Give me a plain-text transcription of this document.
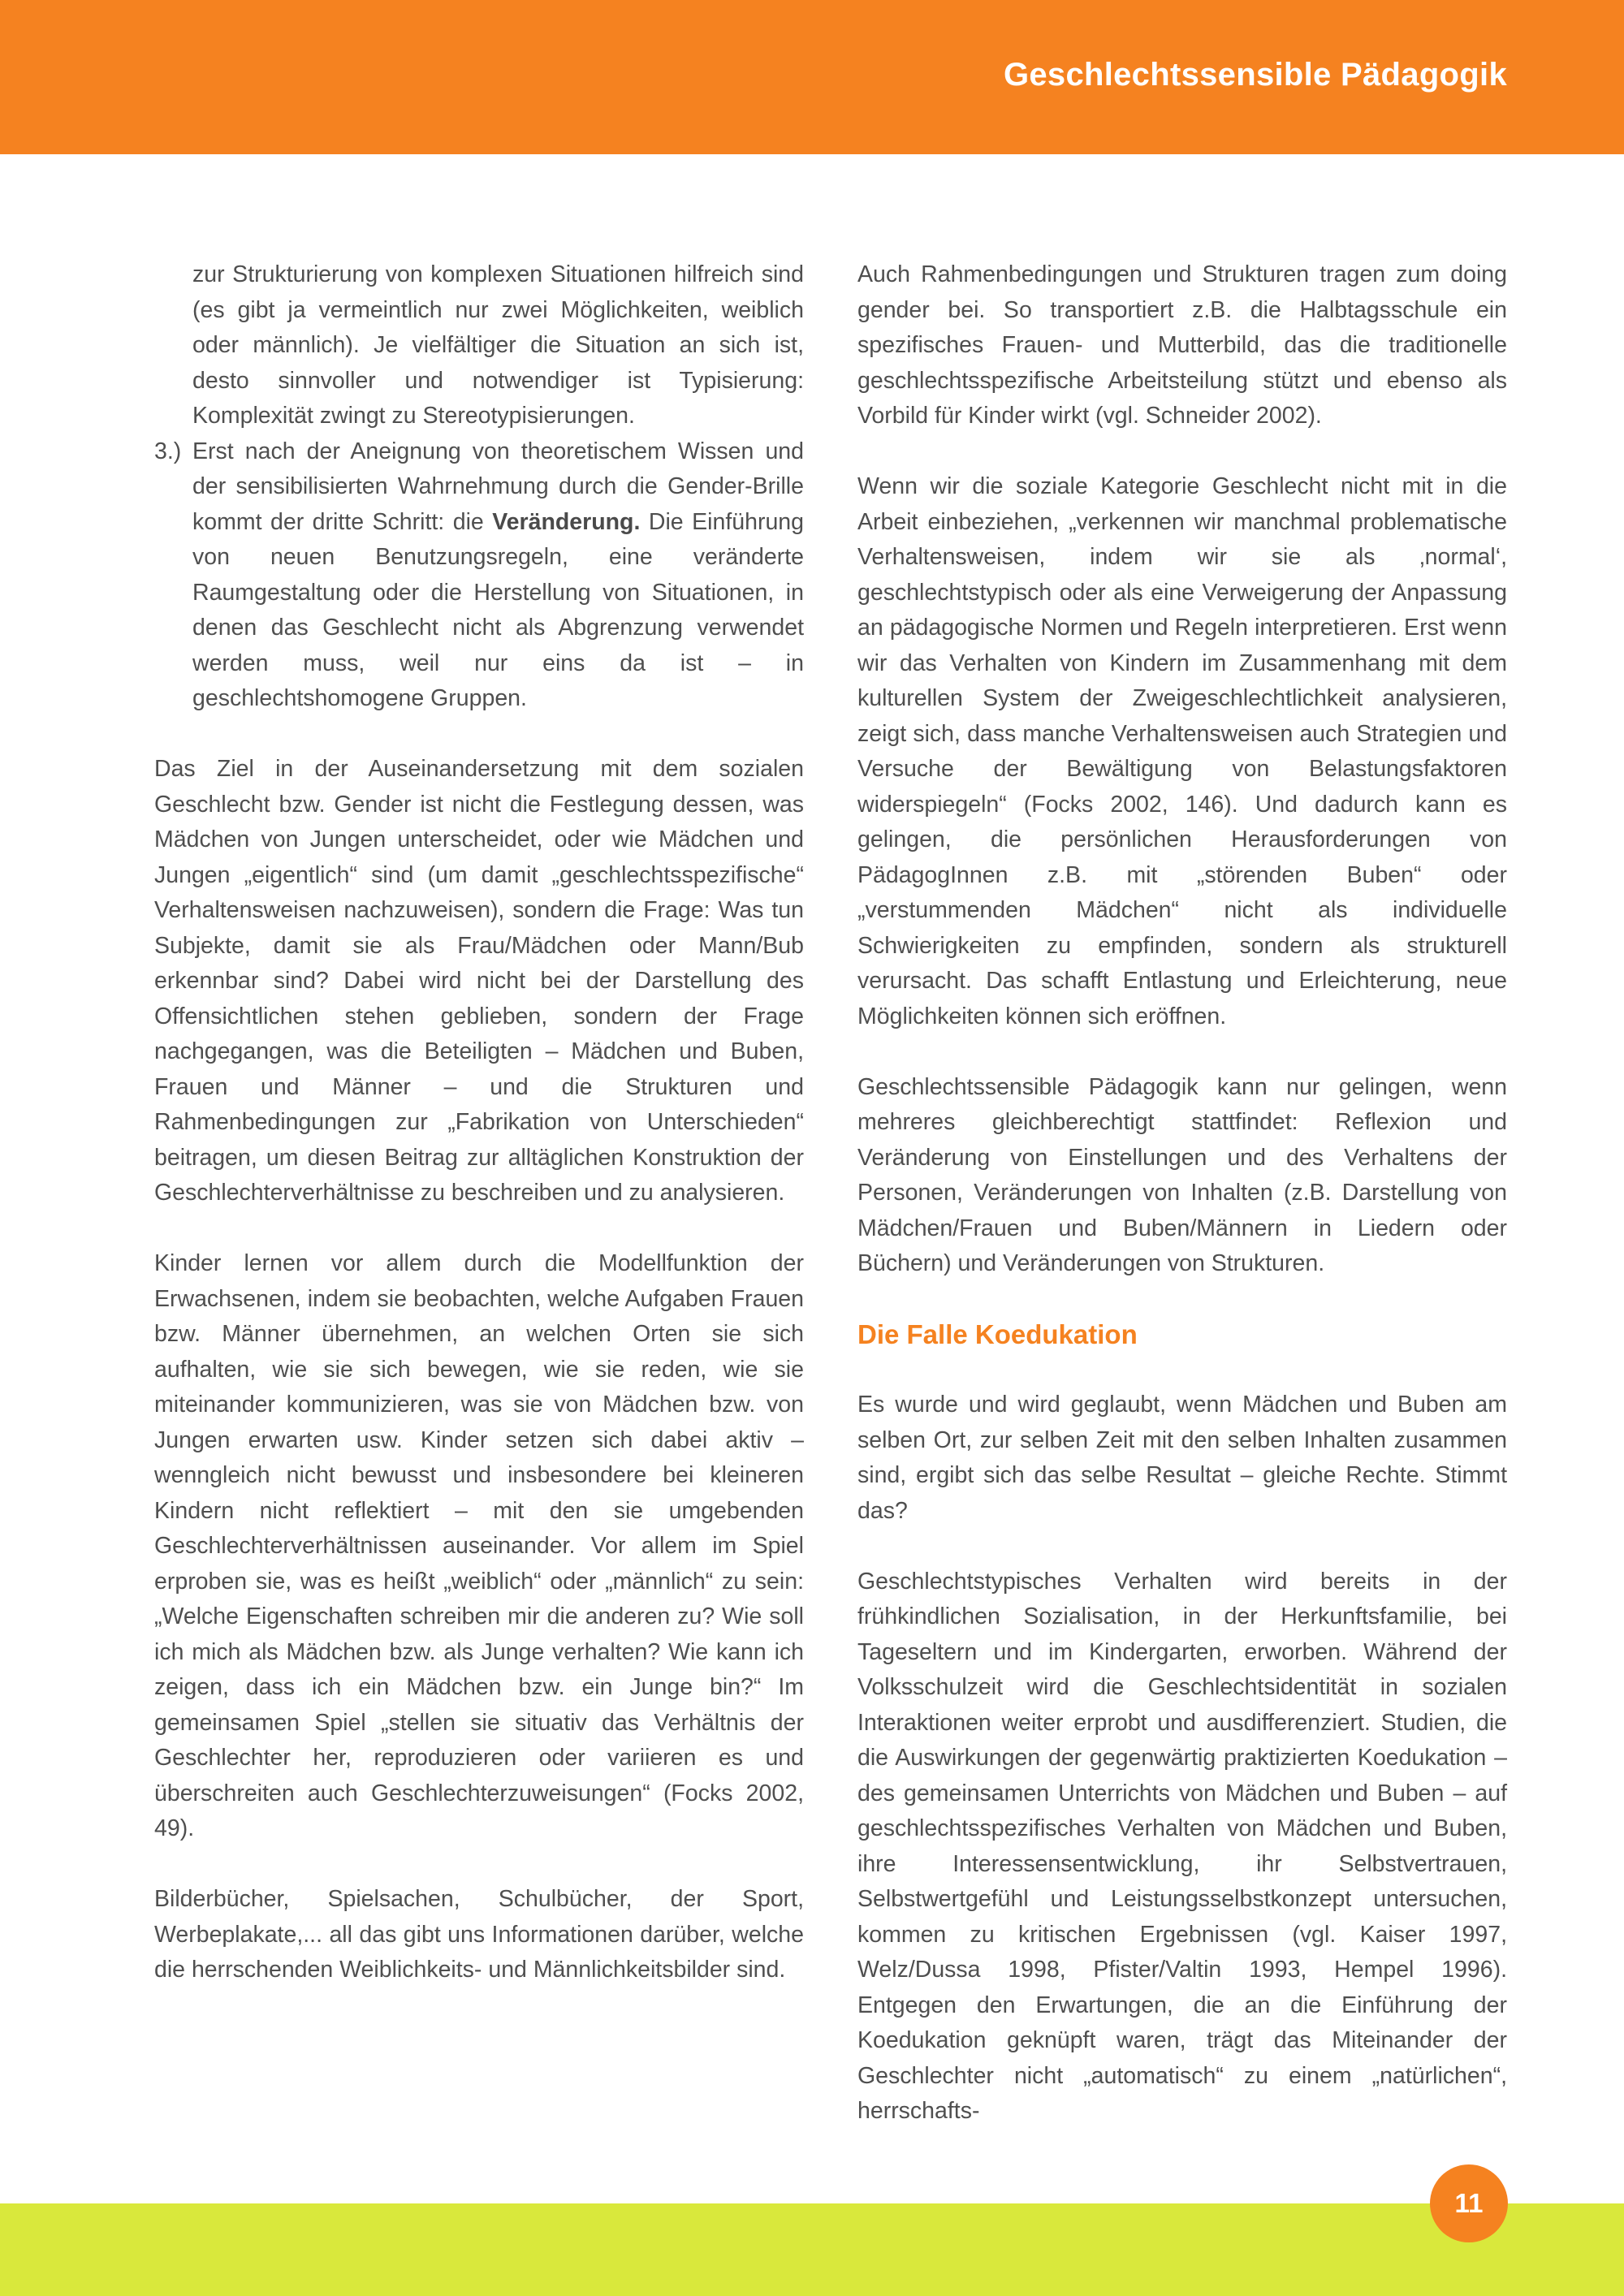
Geschlechtssensible Pädagogik

zur Strukturierung von komplexen Situationen hilfreich sind (es gibt ja vermeintlich nur zwei Möglichkeiten, weiblich oder männlich). Je vielfältiger die Situation an sich ist, desto sinnvoller und notwendiger ist Typisierung: Komplexität zwingt zu Stereotypisierungen.

3.) Erst nach der Aneignung von theoretischem Wissen und der sensibilisierten Wahrnehmung durch die Gender-Brille kommt der dritte Schritt: die Veränderung. Die Einführung von neuen Benutzungsregeln, eine veränderte Raumgestaltung oder die Herstellung von Situationen, in denen das Geschlecht nicht als Abgrenzung verwendet werden muss, weil nur eins da ist – in geschlechtshomogene Gruppen.

Das Ziel in der Auseinandersetzung mit dem sozialen Geschlecht bzw. Gender ist nicht die Festlegung dessen, was Mädchen von Jungen unterscheidet, oder wie Mädchen und Jungen „eigentlich“ sind (um damit „geschlechtsspezifische“ Verhaltensweisen nachzuweisen), sondern die Frage: Was tun Subjekte, damit sie als Frau/Mädchen oder Mann/Bub erkennbar sind? Dabei wird nicht bei der Darstellung des Offensichtlichen stehen geblieben, sondern der Frage nachgegangen, was die Beteiligten – Mädchen und Buben, Frauen und Männer – und die Strukturen und Rahmenbedingungen zur „Fabrikation von Unterschieden“ beitragen, um diesen Beitrag zur alltäglichen Konstruktion der Geschlechterverhältnisse zu beschreiben und zu analysieren.

Kinder lernen vor allem durch die Modellfunktion der Erwachsenen, indem sie beobachten, welche Aufgaben Frauen bzw. Männer übernehmen, an welchen Orten sie sich aufhalten, wie sie sich bewegen, wie sie reden, wie sie miteinander kommunizieren, was sie von Mädchen bzw. von Jungen erwarten usw. Kinder setzen sich dabei aktiv – wenngleich nicht bewusst und insbesondere bei kleineren Kindern nicht reflektiert – mit den sie umgebenden Geschlechterverhältnissen auseinander. Vor allem im Spiel erproben sie, was es heißt „weiblich“ oder „männlich“ zu sein: „Welche Eigenschaften schreiben mir die anderen zu? Wie soll ich mich als Mädchen bzw. als Junge verhalten? Wie kann ich zeigen, dass ich ein Mädchen bzw. ein Junge bin?“ Im gemeinsamen Spiel „stellen sie situativ das Verhältnis der Geschlechter her, reproduzieren oder variieren es und überschreiten auch Geschlechterzuweisungen“ (Focks 2002, 49).

Bilderbücher, Spielsachen, Schulbücher, der Sport, Werbeplakate,... all das gibt uns Informationen darüber, welche die herrschenden Weiblichkeits- und Männlichkeitsbilder sind.

Auch Rahmenbedingungen und Strukturen tragen zum doing gender bei. So transportiert z.B. die Halbtagsschule ein spezifisches Frauen- und Mutterbild, das die traditionelle geschlechtsspezifische Arbeitsteilung stützt und ebenso als Vorbild für Kinder wirkt (vgl. Schneider 2002).

Wenn wir die soziale Kategorie Geschlecht nicht mit in die Arbeit einbeziehen, „verkennen wir manchmal problematische Verhaltensweisen, indem wir sie als ‚normal‘, geschlechtstypisch oder als eine Verweigerung der Anpassung an pädagogische Normen und Regeln interpretieren. Erst wenn wir das Verhalten von Kindern im Zusammenhang mit dem kulturellen System der Zweigeschlechtlichkeit analysieren, zeigt sich, dass manche Verhaltensweisen auch Strategien und Versuche der Bewältigung von Belastungsfaktoren widerspiegeln“ (Focks 2002, 146). Und dadurch kann es gelingen, die persönlichen Herausforderungen von PädagogInnen z.B. mit „störenden Buben“ oder „verstummenden Mädchen“ nicht als individuelle Schwierigkeiten zu empfinden, sondern als strukturell verursacht. Das schafft Entlastung und Erleichterung, neue Möglichkeiten können sich eröffnen.

Geschlechtssensible Pädagogik kann nur gelingen, wenn mehreres gleichberechtigt stattfindet: Reflexion und Veränderung von Einstellungen und des Verhaltens der Personen, Veränderungen von Inhalten (z.B. Darstellung von Mädchen/Frauen und Buben/Männern in Liedern oder Büchern) und Veränderungen von Strukturen.

Die Falle Koedukation

Es wurde und wird geglaubt, wenn Mädchen und Buben am selben Ort, zur selben Zeit mit den selben Inhalten zusammen sind, ergibt sich das selbe Resultat – gleiche Rechte. Stimmt das?

Geschlechtstypisches Verhalten wird bereits in der frühkindlichen Sozialisation, in der Herkunftsfamilie, bei Tageseltern und im Kindergarten, erworben. Während der Volksschulzeit wird die Geschlechtsidentität in sozialen Interaktionen weiter erprobt und ausdifferenziert. Studien, die die Auswirkungen der gegenwärtig praktizierten Koedukation – des gemeinsamen Unterrichts von Mädchen und Buben – auf geschlechtsspezifisches Verhalten von Mädchen und Buben, ihre Interessensentwicklung, ihr Selbstvertrauen, Selbstwertgefühl und Leistungsselbstkonzept untersuchen, kommen zu kritischen Ergebnissen (vgl. Kaiser 1997, Welz/Dussa 1998, Pfister/Valtin 1993, Hempel 1996). Entgegen den Erwartungen, die an die Einführung der Koedukation geknüpft waren, trägt das Miteinander der Geschlechter nicht „automatisch“ zu einem „natürlichen“, herrschafts-

11
